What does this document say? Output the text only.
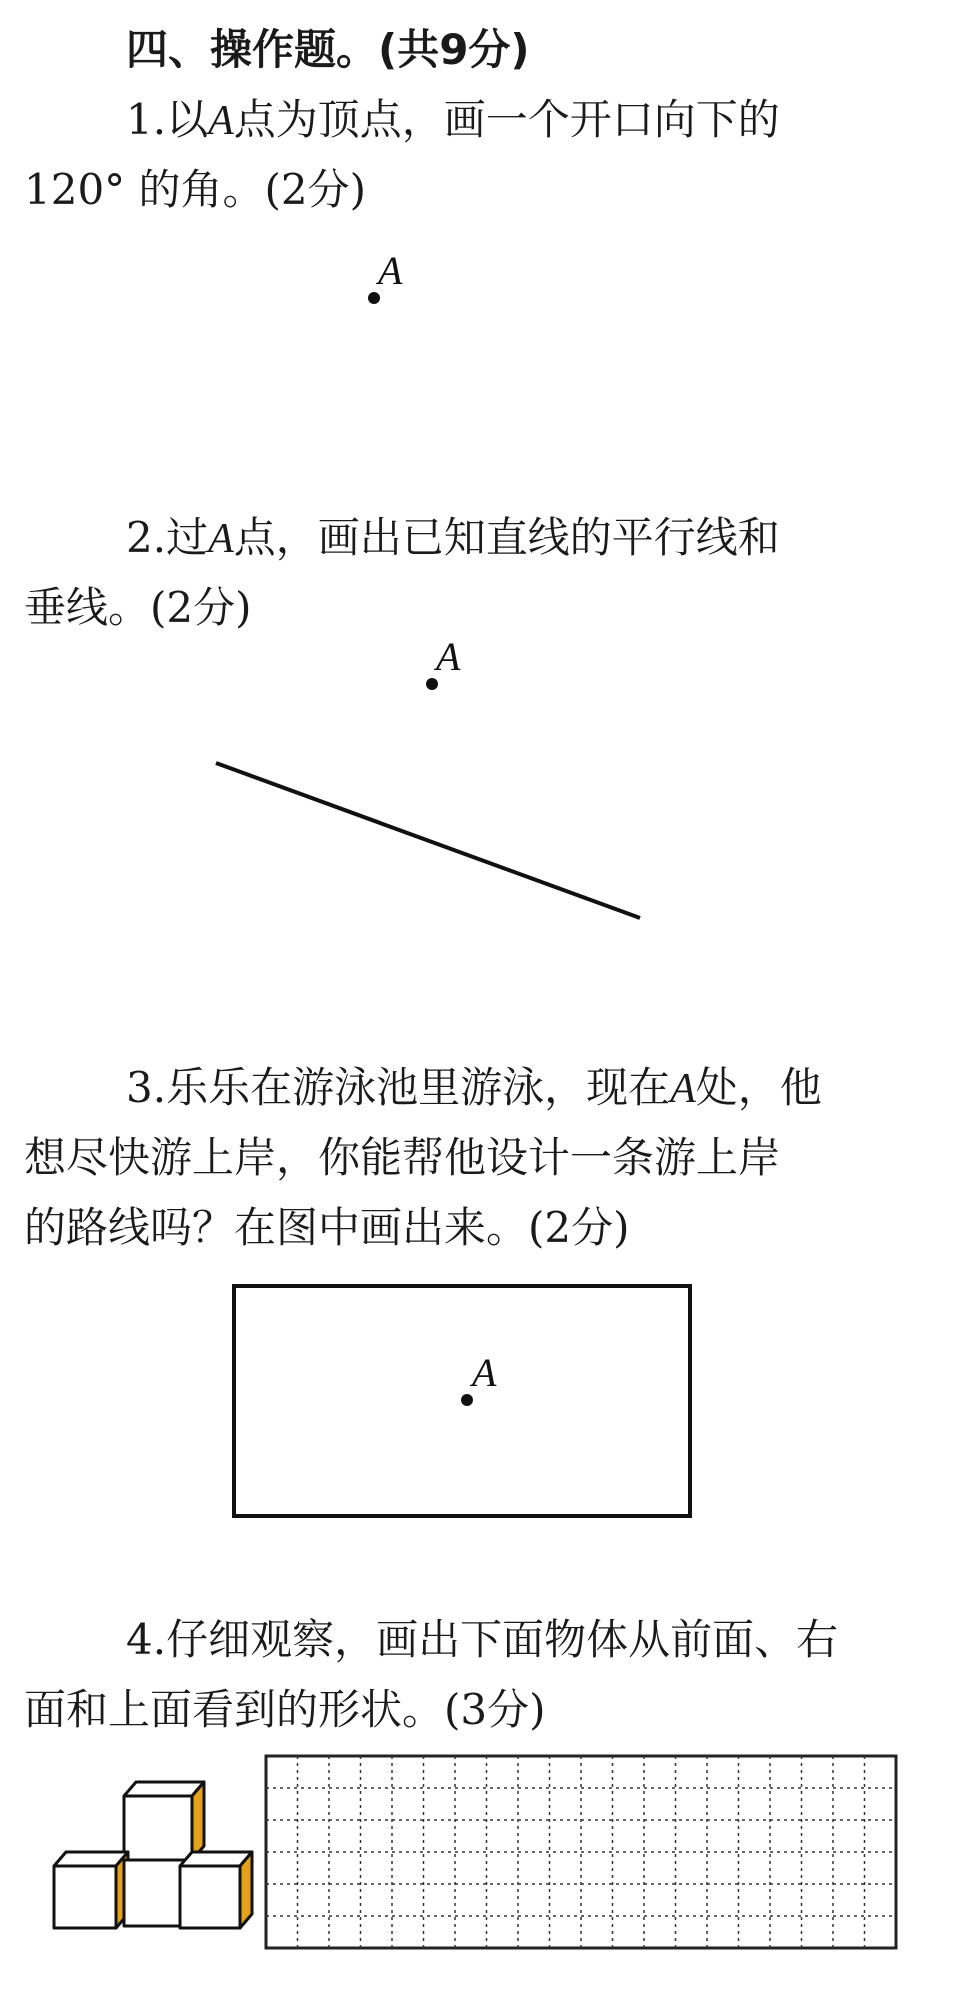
四、操作题。(共9分)
1.以A点为顶点，画一个开口向下的
120° 的角。(2分)
2.过A点，画出已知直线的平行线和
垂线。(2分)
3.乐乐在游泳池里游泳，现在A处，他
想尽快游上岸，你能帮他设计一条游上岸
的路线吗？在图中画出来。(2分)
4.仔细观察，画出下面物体从前面、右
面和上面看到的形状。(3分)
A
A
A
